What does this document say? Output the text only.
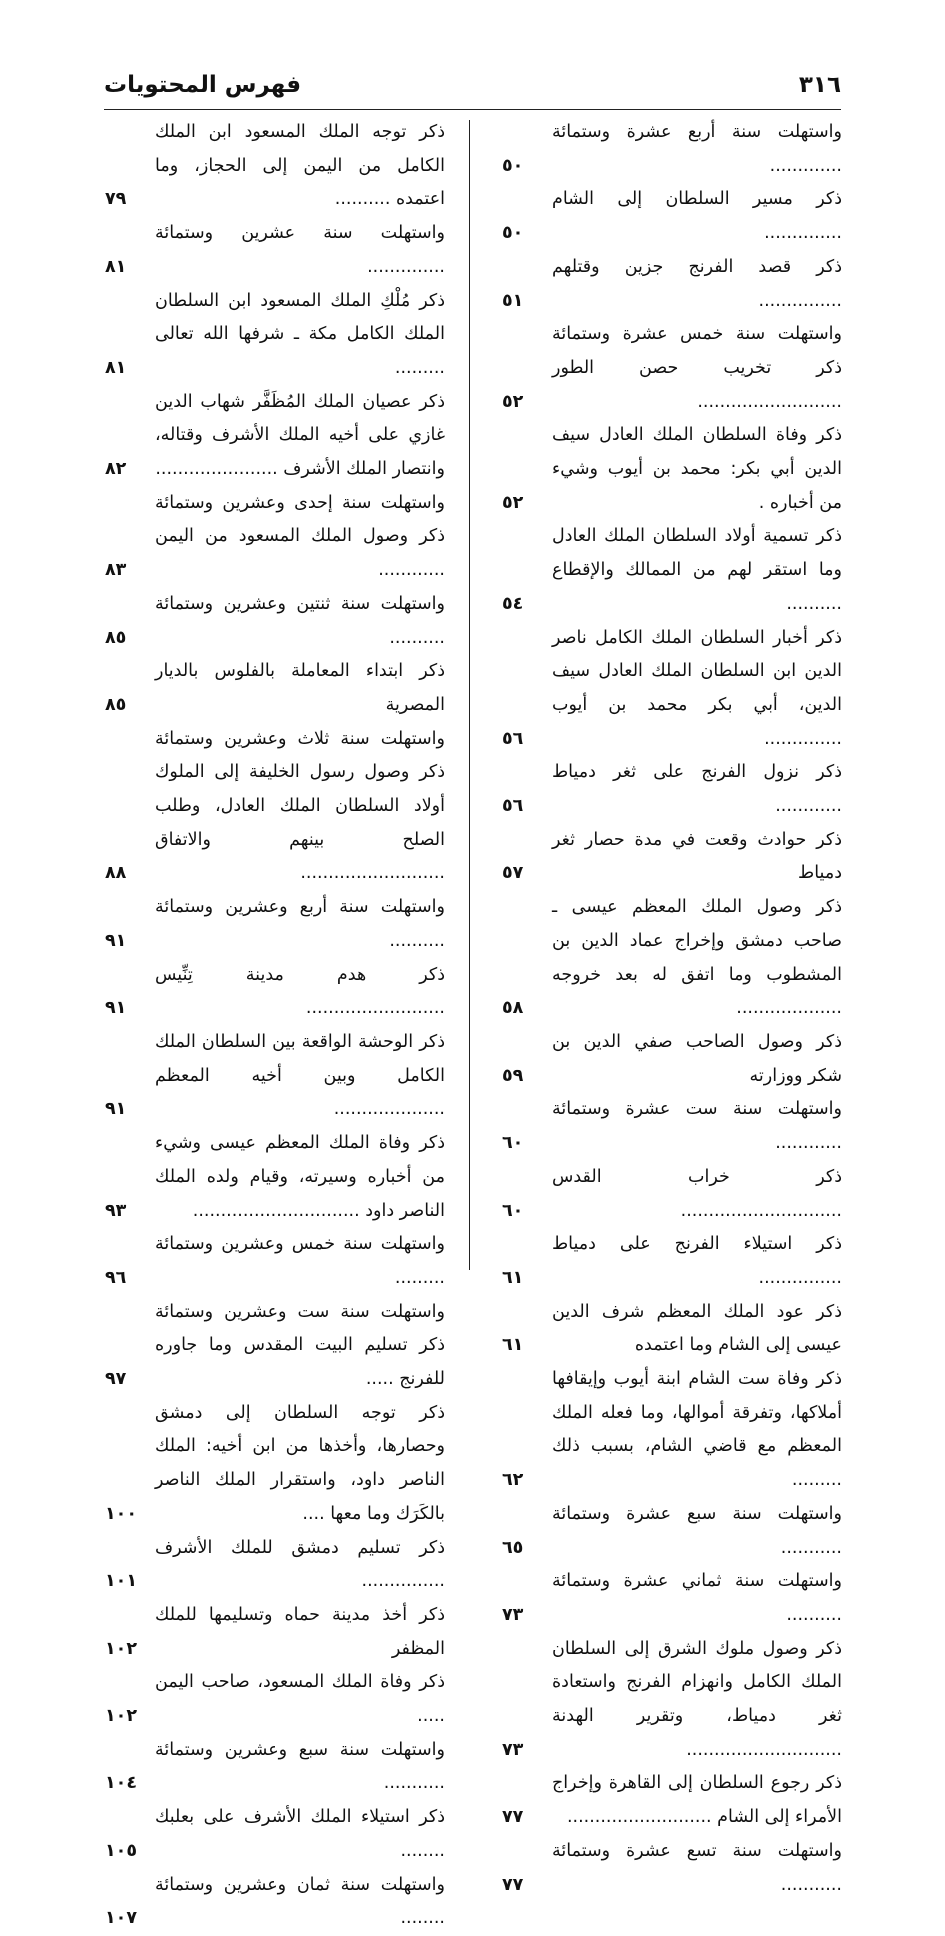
٣١٦
فهرس المحتويات
واستهلت سنة أربع عشرة وستمائة .............
٥٠
ذكر مسير السلطان إلى الشام ..............
٥٠
ذكر قصد الفرنج جزين وقتلهم ...............
٥١
واستهلت سنة خمس عشرة وستمائة ذكر تخريب حصن الطور ..........................
٥٢
ذكر وفاة السلطان الملك العادل سيف الدين أبي بكر: محمد بن أيوب وشيء من أخباره .
٥٢
ذكر تسمية أولاد السلطان الملك العادل وما استقر لهم من الممالك والإقطاع ..........
٥٤
ذكر أخبار السلطان الملك الكامل ناصر الدين ابن السلطان الملك العادل سيف الدين، أبي بكر محمد بن أيوب ..............
٥٦
ذكر نزول الفرنج على ثغر دمياط ............
٥٦
ذكر حوادث وقعت في مدة حصار ثغر دمياط
٥٧
ذكر وصول الملك المعظم عيسى ـ صاحب دمشق وإخراج عماد الدين بن المشطوب وما اتفق له بعد خروجه ...................
٥٨
ذكر وصول الصاحب صفي الدين بن شكر ووزارته
٥٩
واستهلت سنة ست عشرة وستمائة ............
٦٠
ذكر خراب القدس .............................
٦٠
ذكر استيلاء الفرنج على دمياط ...............
٦١
ذكر عود الملك المعظم شرف الدين عيسى إلى الشام وما اعتمده
٦١
ذكر وفاة ست الشام ابنة أيوب وإيقافها أملاكها، وتفرقة أموالها، وما فعله الملك المعظم مع قاضي الشام، بسبب ذلك .........
٦٢
واستهلت سنة سبع عشرة وستمائة ...........
٦٥
واستهلت سنة ثماني عشرة وستمائة ..........
٧٣
ذكر وصول ملوك الشرق إلى السلطان الملك الكامل وانهزام الفرنج واستعادة ثغر دمياط، وتقرير الهدنة ............................
٧٣
ذكر رجوع السلطان إلى القاهرة وإخراج الأمراء إلى الشام ..........................
٧٧
واستهلت سنة تسع عشرة وستمائة ...........
٧٧
ذكر توجه الملك المسعود ابن الملك الكامل من اليمن إلى الحجاز، وما اعتمده ..........
٧٩
واستهلت سنة عشرين وستمائة ..............
٨١
ذكر مُلْكِ الملك المسعود ابن السلطان الملك الكامل مكة ـ شرفها الله تعالى .........
٨١
ذكر عصيان الملك المُظَفَّر شهاب الدين غازي على أخيه الملك الأشرف وقتاله، وانتصار الملك الأشرف ......................
٨٢
واستهلت سنة إحدى وعشرين وستمائة ذكر وصول الملك المسعود من اليمن ............
٨٣
واستهلت سنة ثنتين وعشرين وستمائة ..........
٨٥
ذكر ابتداء المعاملة بالفلوس بالديار المصرية
٨٥
واستهلت سنة ثلاث وعشرين وستمائة ذكر وصول رسول الخليفة إلى الملوك أولاد السلطان الملك العادل، وطلب الصلح بينهم والاتفاق ..........................
٨٨
واستهلت سنة أربع وعشرين وستمائة ..........
٩١
ذكر هدم مدينة تِنِّيس .........................
٩١
ذكر الوحشة الواقعة بين السلطان الملك الكامل وبين أخيه المعظم ....................
٩١
ذكر وفاة الملك المعظم عيسى وشيء من أخباره وسيرته، وقيام ولده الملك الناصر داود ..............................
٩٣
واستهلت سنة خمس وعشرين وستمائة .........
٩٦
واستهلت سنة ست وعشرين وستمائة ذكر تسليم البيت المقدس وما جاوره للفرنج .....
٩٧
ذكر توجه السلطان إلى دمشق وحصارها، وأخذها من ابن أخيه: الملك الناصر داود، واستقرار الملك الناصر بالكَرَك وما معها ....
١٠٠
ذكر تسليم دمشق للملك الأشرف ...............
١٠١
ذكر أخذ مدينة حماه وتسليمها للملك المظفر
١٠٢
ذكر وفاة الملك المسعود، صاحب اليمن .....
١٠٢
واستهلت سنة سبع وعشرين وستمائة ...........
١٠٤
ذكر استيلاء الملك الأشرف على بعلبك ........
١٠٥
واستهلت سنة ثمان وعشرين وستمائة ........
١٠٧
